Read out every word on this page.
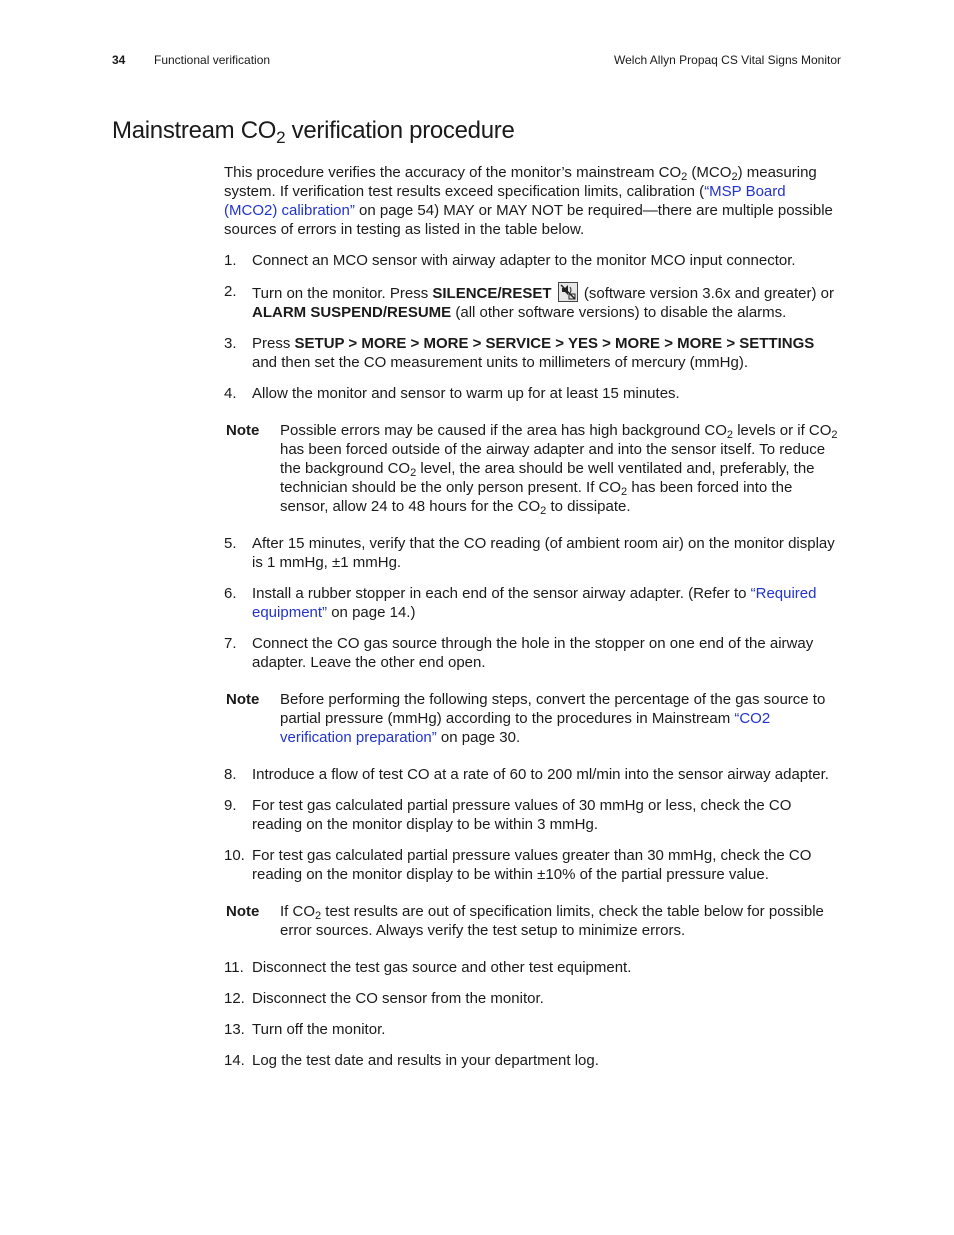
34 Functional verification	Welch Allyn Propaq CS Vital Signs Monitor
Mainstream $CO_2$ verification procedure

This procedure verifies the accuracy of the monitor’s mainstream $CO_2$ $(MCO_2)$ measuring system. If verification test results exceed specification limits, calibration (“MSP Board (MCO2) calibration” on page 54) MAY or MAY NOT be required—there are multiple possible sources of errors in testing as listed in the table below.

1. Connect an MCO sensor with airway adapter to the monitor MCO input connector.
2. Turn on the monitor. Press SILENCE/RESET  (software version 3.6x and greater) or ALARM SUSPEND/RESUME (all other software versions) to disable the alarms.
3. Press SETUP > MORE > MORE > SERVICE > YES > MORE > MORE > SETTINGS and then set the CO measurement units to millimeters of mercury (mmHg).
4. Allow the monitor and sensor to warm up for at least 15 minutes.
Note Possible errors may be caused if the area has high background $CO_2$ levels or if $CO_2$ has been forced outside of the airway adapter and into the sensor itself. To reduce the background $CO_2$ level, the area should be well ventilated and, preferably, the technician should be the only person present. If $CO_2$ has been forced into the sensor, allow 24 to 48 hours for the $CO_2$ to dissipate.
5. After 15 minutes, verify that the CO reading (of ambient room air) on the monitor display is 1 mmHg, ±1 mmHg.
6. Install a rubber stopper in each end of the sensor airway adapter. (Refer to “Required equipment” on page 14.)
7. Connect the CO gas source through the hole in the stopper on one end of the airway adapter. Leave the other end open.
Note Before performing the following steps, convert the percentage of the gas source to partial pressure (mmHg) according to the procedures in Mainstream “CO2 verification preparation” on page 30.
8. Introduce a flow of test CO at a rate of 60 to 200 ml/min into the sensor airway adapter.
9. For test gas calculated partial pressure values of 30 mmHg or less, check the CO reading on the monitor display to be within 3 mmHg.
10. For test gas calculated partial pressure values greater than 30 mmHg, check the CO reading on the monitor display to be within ±10% of the partial pressure value.
Note If $CO_2$ test results are out of specification limits, check the table below for possible error sources. Always verify the test setup to minimize errors.
11. Disconnect the test gas source and other test equipment.
12. Disconnect the CO sensor from the monitor.
13. Turn off the monitor.
14. Log the test date and results in your department log.
